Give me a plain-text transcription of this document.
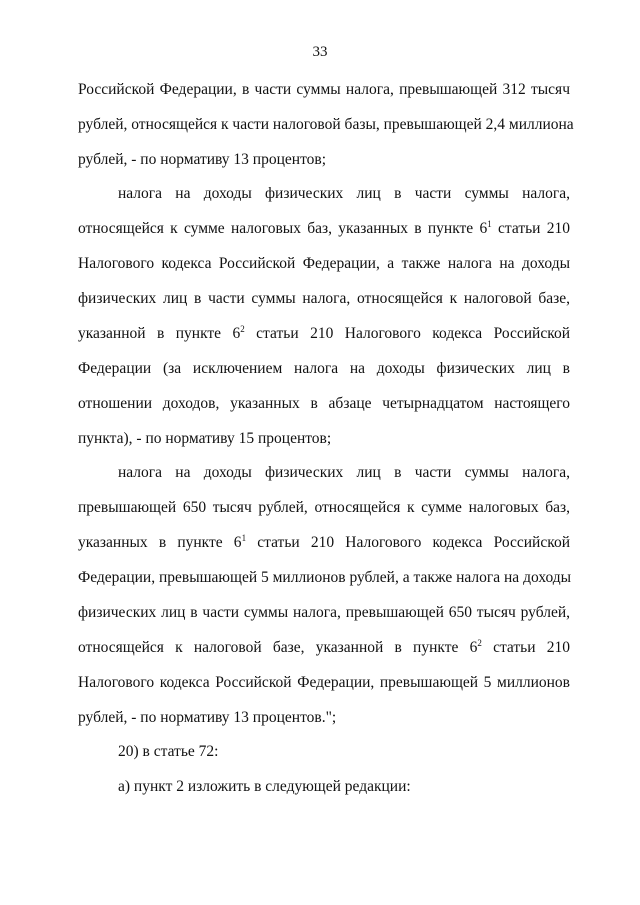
33
Российской Федерации, в части суммы налога, превышающей 312 тысяч
рублей, относящейся к части налоговой базы, превышающей 2,4 миллиона
рублей, - по нормативу 13 процентов;
налога на доходы физических лиц в части суммы налога,
относящейся к сумме налоговых баз, указанных в пункте $6^1$ статьи 210
Налогового кодекса Российской Федерации, а также налога на доходы
физических лиц в части суммы налога, относящейся к налоговой базе,
указанной в пункте $6^2$ статьи 210 Налогового кодекса Российской
Федерации (за исключением налога на доходы физических лиц в
отношении доходов, указанных в абзаце четырнадцатом настоящего
пункта), - по нормативу 15 процентов;
налога на доходы физических лиц в части суммы налога,
превышающей 650 тысяч рублей, относящейся к сумме налоговых баз,
указанных в пункте $6^1$ статьи 210 Налогового кодекса Российской
Федерации, превышающей 5 миллионов рублей, а также налога на доходы
физических лиц в части суммы налога, превышающей 650 тысяч рублей,
относящейся к налоговой базе, указанной в пункте $6^2$ статьи 210
Налогового кодекса Российской Федерации, превышающей 5 миллионов
рублей, - по нормативу 13 процентов.";
20) в статье 72:
а) пункт 2 изложить в следующей редакции:
